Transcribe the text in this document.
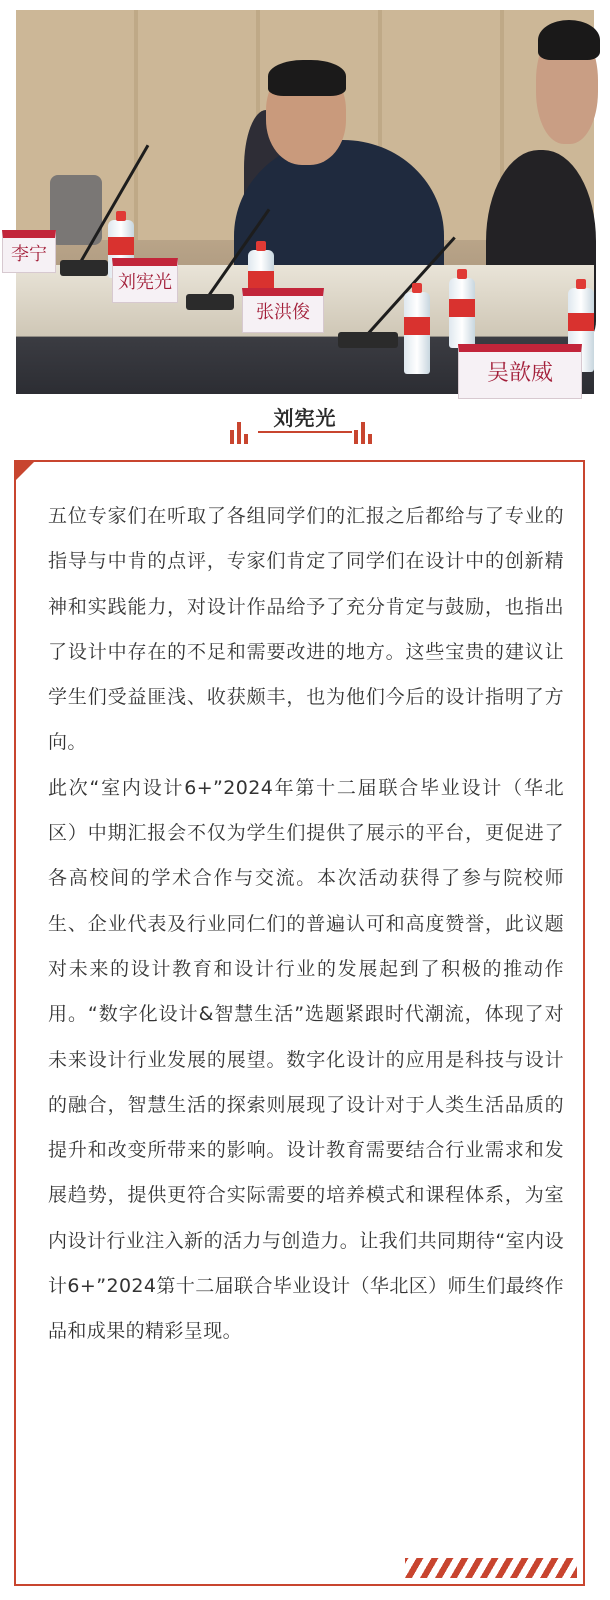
李宁
刘宪光
张洪俊
吴歆威
刘宪光

五位专家们在听取了各组同学们的汇报之后都给与了专业的指导与中肯的点评，专家们肯定了同学们在设计中的创新精神和实践能力，对设计作品给予了充分肯定与鼓励，也指出了设计中存在的不足和需要改进的地方。这些宝贵的建议让学生们受益匪浅、收获颇丰，也为他们今后的设计指明了方向。

此次“室内设计6+”2024年第十二届联合毕业设计（华北区）中期汇报会不仅为学生们提供了展示的平台，更促进了各高校间的学术合作与交流。本次活动获得了参与院校师生、企业代表及行业同仁们的普遍认可和高度赞誉，此议题对未来的设计教育和设计行业的发展起到了积极的推动作用。“数字化设计&智慧生活”选题紧跟时代潮流，体现了对未来设计行业发展的展望。数字化设计的应用是科技与设计的融合，智慧生活的探索则展现了设计对于人类生活品质的提升和改变所带来的影响。设计教育需要结合行业需求和发展趋势，提供更符合实际需要的培养模式和课程体系，为室内设计行业注入新的活力与创造力。让我们共同期待“室内设计6+”2024第十二届联合毕业设计（华北区）师生们最终作品和成果的精彩呈现。
